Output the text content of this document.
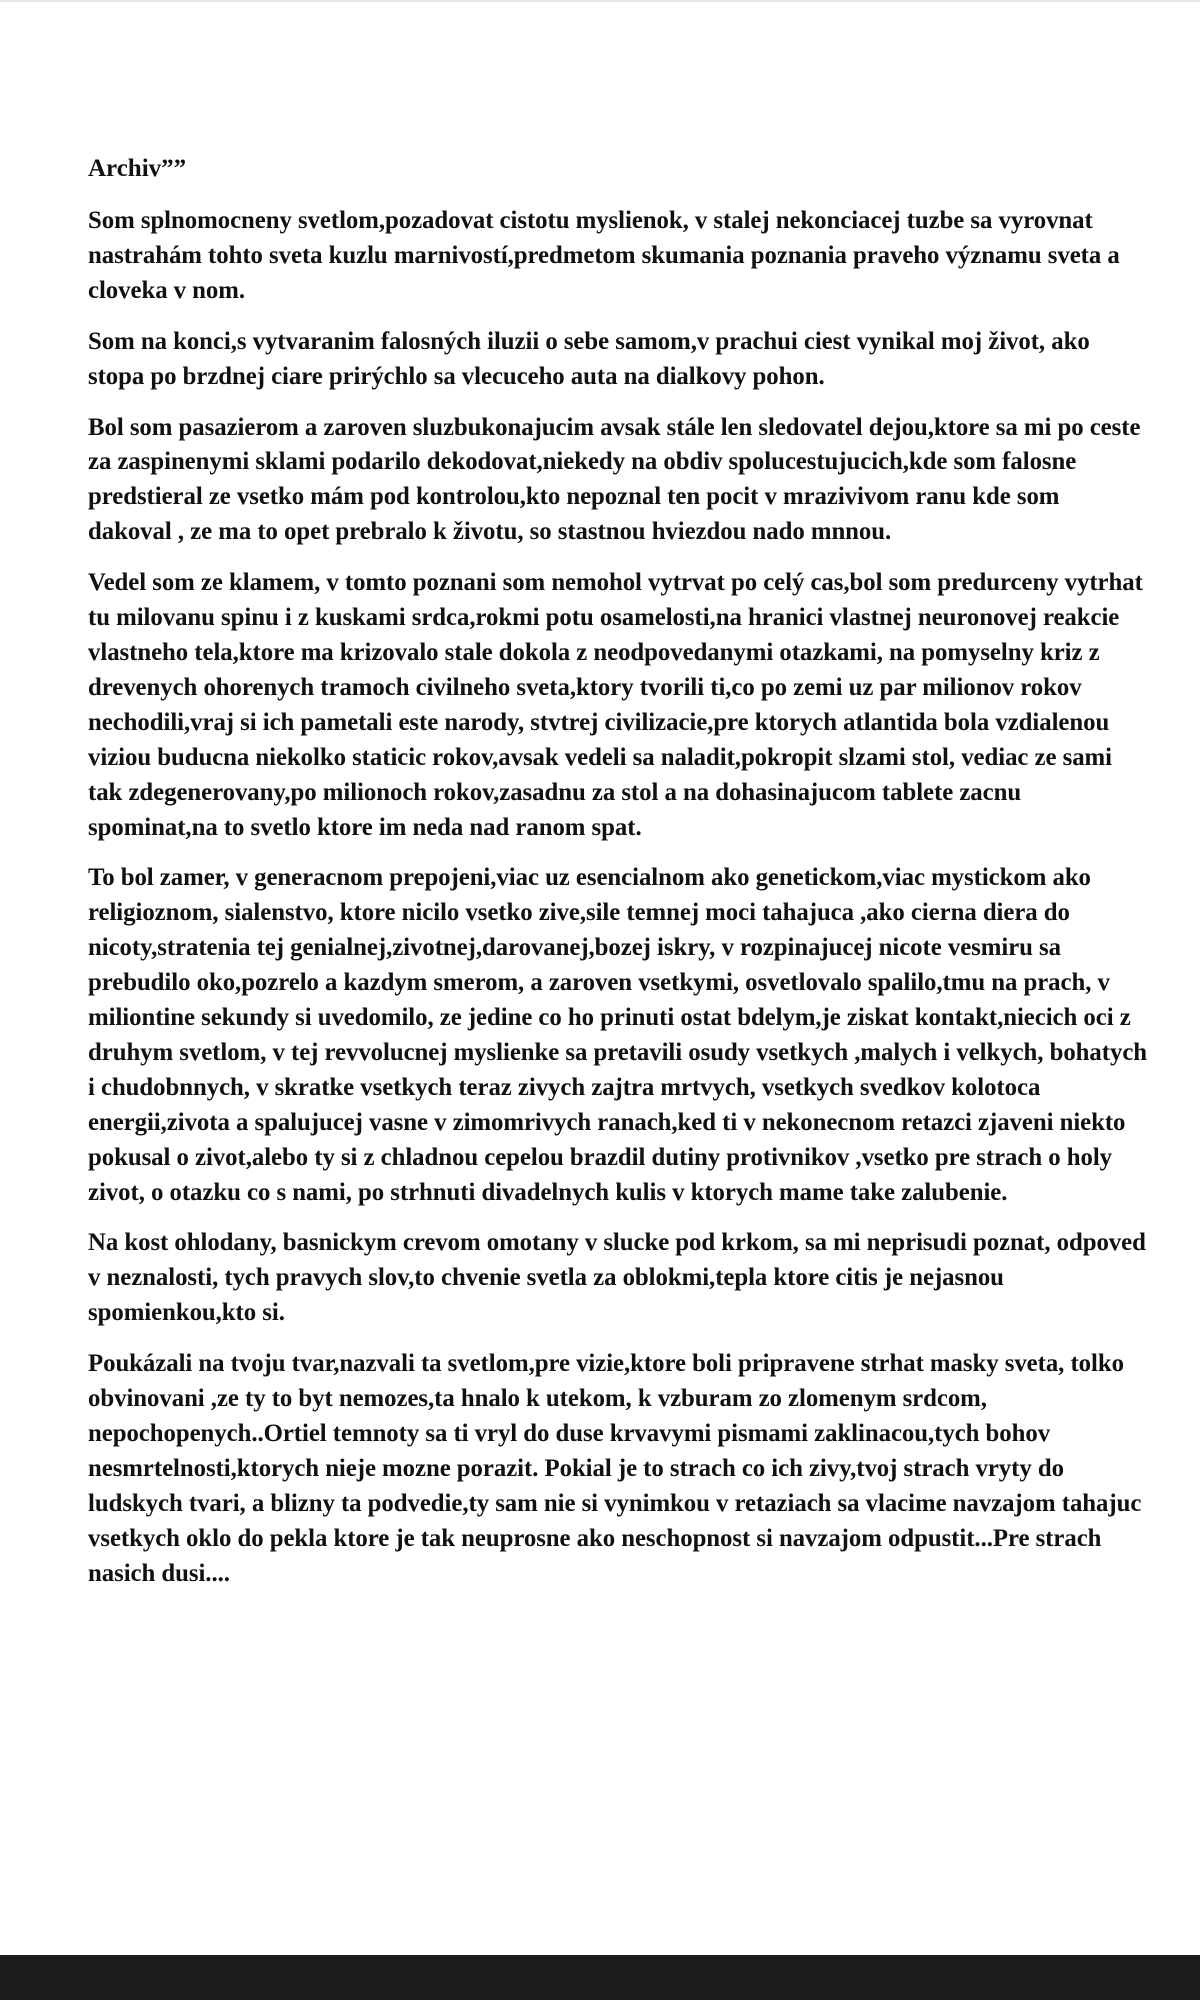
Archiv””

Som splnomocneny svetlom,pozadovat cistotu myslienok, v stalej nekonciacej tuzbe sa vyrovnat nastrahám tohto sveta kuzlu marnivostí,predmetom skumania poznania praveho významu sveta a cloveka v nom.

Som na konci,s vytvaranim falosných iluzii o sebe samom,v prachui ciest vynikal moj život, ako stopa po brzdnej ciare prirýchlo sa vlecuceho auta na dialkovy pohon.

Bol som pasazierom a zaroven sluzbukonajucim avsak stále len sledovatel dejou,ktore sa mi po ceste za zaspinenymi sklami podarilo dekodovat,niekedy na obdiv spolucestujucich,kde som falosne predstieral ze vsetko mám pod kontrolou,kto nepoznal ten pocit v mrazivivom ranu kde som dakoval , ze ma to opet prebralo k životu, so stastnou hviezdou nado mnnou.

Vedel som ze klamem, v tomto poznani som nemohol vytrvat po celý cas,bol som predurceny vytrhat tu milovanu spinu i z kuskami srdca,rokmi potu osamelosti,na hranici vlastnej neuronovej reakcie vlastneho tela,ktore ma krizovalo stale dokola z neodpovedanymi otazkami, na pomyselny kriz z drevenych ohorenych tramoch civilneho sveta,ktory tvorili ti,co po zemi uz par milionov rokov nechodili,vraj si ich pametali este narody, stvtrej civilizacie,pre ktorych atlantida bola vzdialenou viziou buducna niekolko staticic rokov,avsak vedeli sa naladit,pokropit slzami stol, vediac ze sami tak zdegenerovany,po milionoch rokov,zasadnu za stol a na dohasinajucom tablete zacnu spominat,na to svetlo ktore im neda nad ranom spat.

To bol zamer, v generacnom prepojeni,viac uz esencialnom ako genetickom,viac mystickom ako religioznom, sialenstvo, ktore nicilo vsetko zive,sile temnej moci tahajuca ,ako cierna diera do nicoty,stratenia tej genialnej,zivotnej,darovanej,bozej iskry, v rozpinajucej nicote vesmiru sa prebudilo oko,pozrelo a kazdym smerom, a zaroven vsetkymi, osvetlovalo spalilo,tmu na prach, v miliontine sekundy si uvedomilo, ze jedine co ho prinuti ostat bdelym,je ziskat kontakt,niecich oci z druhym svetlom, v tej revvolucnej myslienke sa pretavili osudy vsetkych ,malych i velkych, bohatych i chudobnnych, v skratke vsetkych teraz zivych zajtra mrtvych, vsetkych svedkov kolotoca energii,zivota a spalujucej vasne v zimomrivych ranach,ked ti v nekonecnom retazci zjaveni niekto pokusal o zivot,alebo ty si z chladnou cepelou brazdil dutiny protivnikov ,vsetko pre strach o holy zivot, o otazku co s nami, po strhnuti divadelnych kulis v ktorych mame take zalubenie.

Na kost ohlodany, basnickym crevom omotany v slucke pod krkom, sa mi neprisudi poznat, odpoved v neznalosti, tych pravych slov,to chvenie svetla za oblokmi,tepla ktore citis je nejasnou spomienkou,kto si.

Poukázali na tvoju tvar,nazvali ta svetlom,pre vizie,ktore boli pripravene strhat masky sveta, tolko obvinovani ,ze ty to byt nemozes,ta hnalo k utekom, k vzburam zo zlomenym srdcom, nepochopenych..Ortiel temnoty sa ti vryl do duse krvavymi pismami zaklinacou,tych bohov nesmrtelnosti,ktorych nieje mozne porazit. Pokial je to strach co ich zivy,tvoj strach vryty do ludskych tvari, a blizny ta podvedie,ty sam nie si vynimkou v retaziach sa vlacime navzajom tahajuc vsetkych oklo do pekla ktore je tak neuprosne ako neschopnost si navzajom odpustit...Pre strach nasich dusi....
